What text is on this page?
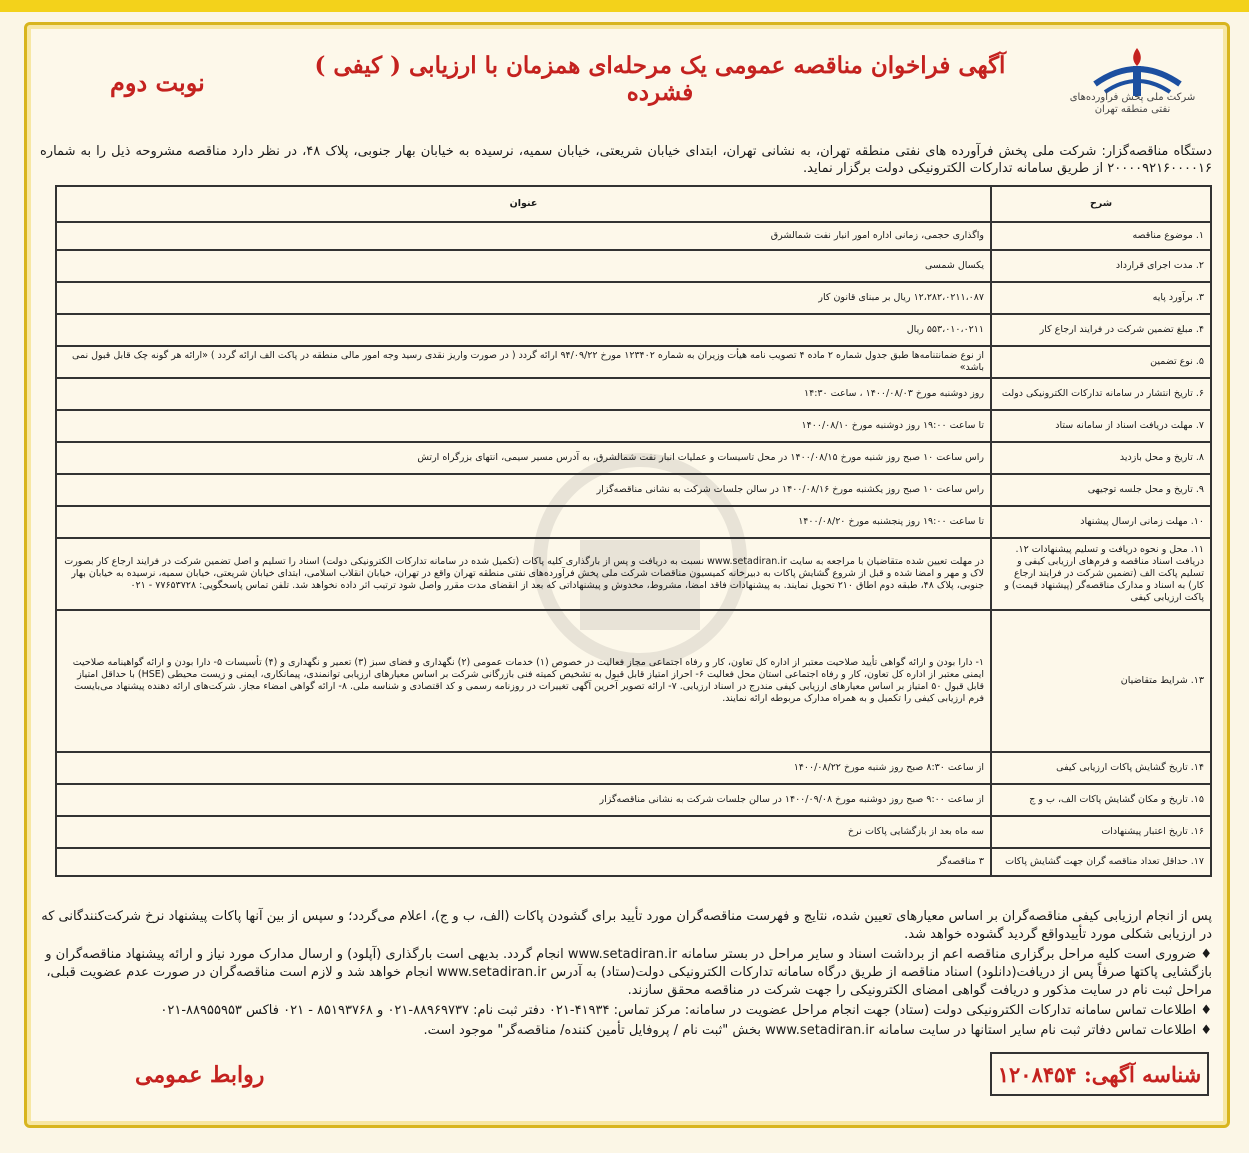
شرکت ملی پخش فرآورده‌های نفتی منطقه تهران
آگهی فراخوان مناقصه عمومی یک مرحله‌ای همزمان با ارزیابی ( کیفی ) فشرده
نوبت دوم
دستگاه مناقصه‌گزار: شرکت ملی پخش فرآورده های نفتی منطقه تهران، به نشانی تهران، ابتدای خیابان شریعتی، خیابان سمیه، نرسیده به خیابان بهار جنوبی، پلاک ۴۸، در نظر دارد مناقصه مشروحه ذیل را به شماره ۲۰۰۰۰۹۲۱۶۰۰۰۰۱۶ از طریق سامانه تدارکات الکترونیکی دولت برگزار نماید.
شرح	عنوان
۱. موضوع مناقصه	واگذاری حجمی، زمانی اداره امور انبار نفت شمالشرق
۲. مدت اجرای قرارداد	یکسال شمسی
۳. برآورد پایه	۱۲،۲۸۲،۰۲۱۱،۰۸۷ ریال بر مبنای قانون کار
۴. مبلغ تضمین شرکت در فرایند ارجاع کار	۵۵۳،۰۱۰،۰۲۱۱ ریال
۵. نوع تضمین	از نوع ضمانتنامه‌ها طبق جدول شماره ۲ ماده ۴ تصویب نامه هیأت وزیران به شماره ۱۲۳۴۰۲ مورخ ۹۴/۰۹/۲۲ ارائه گردد ( در صورت واریز نقدی رسید وجه امور مالی منطقه در پاکت الف ارائه گردد ) «ارائه هر گونه چک قابل قبول نمی باشد»
۶. تاریخ انتشار در سامانه تدارکات الکترونیکی دولت	روز دوشنبه مورخ ۱۴۰۰/۰۸/۰۳ ، ساعت ۱۴:۳۰
۷. مهلت دریافت اسناد از سامانه ستاد	تا ساعت ۱۹:۰۰ روز دوشنبه مورخ ۱۴۰۰/۰۸/۱۰
۸. تاریخ و محل بازدید	راس ساعت ۱۰ صبح روز شنبه مورخ ۱۴۰۰/۰۸/۱۵ در محل تاسیسات و عملیات انبار نفت شمالشرق، به آدرس مسیر سیمی، انتهای بزرگراه ارتش
۹. تاریخ و محل جلسه توجیهی	راس ساعت ۱۰ صبح روز یکشنبه مورخ ۱۴۰۰/۰۸/۱۶ در سالن جلسات شرکت به نشانی مناقصه‌گزار
۱۰. مهلت زمانی ارسال پیشنهاد	تا ساعت ۱۹:۰۰ روز پنجشنبه مورخ ۱۴۰۰/۰۸/۲۰
۱۱. محل و نحوه دریافت و تسلیم پیشنهادات ۱۲. دریافت اسناد مناقصه و فرم‌های ارزیابی کیفی و تسلیم پاکت الف (تضمین شرکت در فرایند ارجاع کار) به اسناد و مدارک مناقصه‌گر (پیشنهاد قیمت) و پاکت ارزیابی کیفی	در مهلت تعیین شده متقاضیان با مراجعه به سایت www.setadiran.ir نسبت به دریافت و پس از بارگذاری کلیه پاکات (تکمیل شده در سامانه تدارکات الکترونیکی دولت) اسناد را تسلیم و اصل تضمین شرکت در فرایند ارجاع کار بصورت لاک و مهر و امضا شده و قبل از شروع گشایش پاکات به دبیرخانه کمیسیون مناقصات شرکت ملی پخش فرآورده‌های نفتی منطقه تهران واقع در تهران، خیابان انقلاب اسلامی، ابتدای خیابان شریعتی، خیابان سمیه، نرسیده به خیابان بهار جنوبی، پلاک ۴۸، طبقه دوم اطاق ۲۱۰ تحویل نمایند. به پیشنهادات فاقد امضا، مشروط، مخدوش و پیشنهاداتی که بعد از انقضای مدت مقرر واصل شود ترتیب اثر داده نخواهد شد. تلفن تماس پاسخگویی: ۷۷۶۵۳۷۲۸ - ۰۲۱
۱۳. شرایط متقاضیان	۱- دارا بودن و ارائه گواهی تأیید صلاحیت معتبر از اداره کل تعاون، کار و رفاه اجتماعی مجاز فعالیت در خصوص (۱) خدمات عمومی (۲) نگهداری و فضای سبز (۳) تعمیر و نگهداری و (۴) تأسیسات ۵- دارا بودن و ارائه گواهینامه صلاحیت ایمنی معتبر از اداره کل تعاون، کار و رفاه اجتماعی استان محل فعالیت ۶- احراز امتیاز قابل قبول به تشخیص کمیته فنی بازرگانی شرکت بر اساس معیارهای ارزیابی توانمندی، پیمانکاری، ایمنی و زیست محیطی (HSE) با حداقل امتیاز قابل قبول ۵۰ امتیاز بر اساس معیارهای ارزیابی کیفی مندرج در اسناد ارزیابی. ۷- ارائه تصویر آخرین آگهی تغییرات در روزنامه رسمی و کد اقتصادی و شناسه ملی. ۸- ارائه گواهی امضاء مجاز. شرکت‌های ارائه دهنده پیشنهاد می‌بایست فرم ارزیابی کیفی را تکمیل و به همراه مدارک مربوطه ارائه نمایند.
۱۴. تاریخ گشایش پاکات ارزیابی کیفی	از ساعت ۸:۳۰ صبح روز شنبه مورخ ۱۴۰۰/۰۸/۲۲
۱۵. تاریخ و مکان گشایش پاکات الف، ب و ج	از ساعت ۹:۰۰ صبح روز دوشنبه مورخ ۱۴۰۰/۰۹/۰۸ در سالن جلسات شرکت به نشانی مناقصه‌گزار
۱۶. تاریخ اعتبار پیشنهادات	سه ماه بعد از بازگشایی پاکات نرخ
۱۷. حداقل تعداد مناقصه گران جهت گشایش پاکات	۳ مناقصه‌گر

پس از انجام ارزیابی کیفی مناقصه‌گران بر اساس معیارهای تعیین شده، نتایج و فهرست مناقصه‌گران مورد تأیید برای گشودن پاکات (الف، ب و ج)، اعلام می‌گردد؛ و سپس از بین آنها پاکات پیشنهاد نرخ شرکت‌کنندگانی که در ارزیابی شکلی مورد تأییدواقع گردید گشوده خواهد شد.

♦ ضروری است کلیه مراحل برگزاری مناقصه اعم از برداشت اسناد و سایر مراحل در بستر سامانه www.setadiran.ir انجام گردد. بدیهی است بارگذاری (آپلود) و ارسال مدارک مورد نیاز و ارائه پیشنهاد مناقصه‌گران و بازگشایی پاکتها صرفاً پس از دریافت(دانلود) اسناد مناقصه از طریق درگاه سامانه تدارکات الکترونیکی دولت(ستاد) به آدرس www.setadiran.ir انجام خواهد شد و لازم است مناقصه‌گران در صورت عدم عضویت قبلی، مراحل ثبت نام در سایت مذکور و دریافت گواهی امضای الکترونیکی را جهت شرکت در مناقصه محقق سازند.

♦ اطلاعات تماس سامانه تدارکات الکترونیکی دولت (ستاد) جهت انجام مراحل عضویت در سامانه: مرکز تماس: ۴۱۹۳۴-۰۲۱ دفتر ثبت نام: ۸۸۹۶۹۷۳۷-۰۲۱ و ۸۵۱۹۳۷۶۸ - ۰۲۱ فاکس ۸۸۹۵۵۹۵۳-۰۲۱

♦ اطلاعات تماس دفاتر ثبت نام سایر استانها در سایت سامانه www.setadiran.ir بخش "ثبت نام / پروفایل تأمین کننده/ مناقصه‌گر" موجود است.

شناسه آگهی: ۱۲۰۸۴۵۴
روابط عمومی
